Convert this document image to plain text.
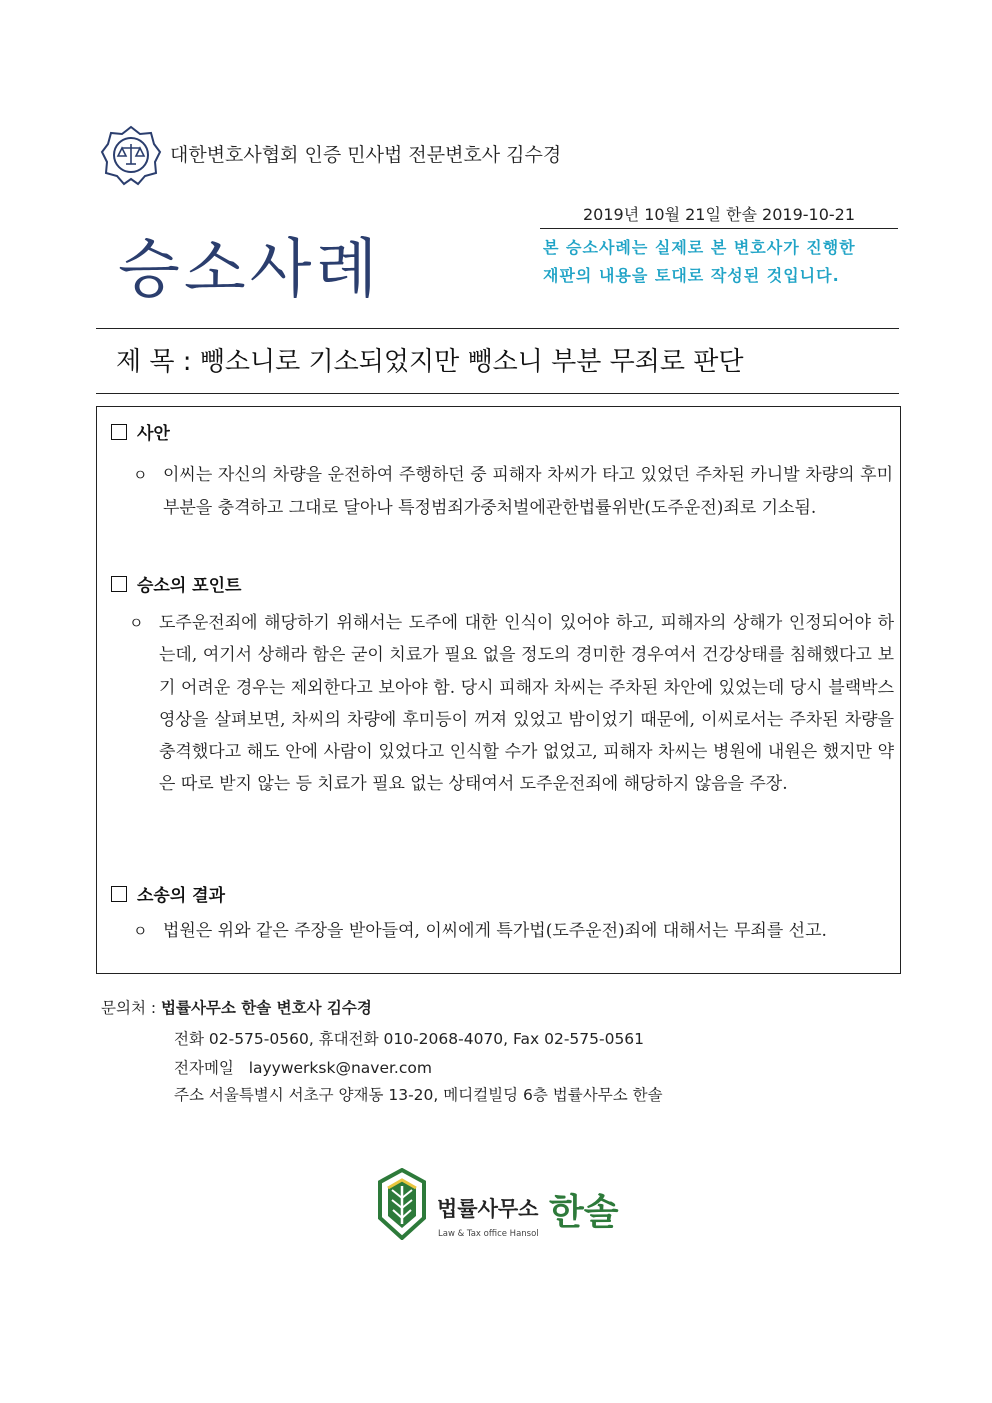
대한변호사협회 인증 민사법 전문변호사 김수경
2019년 10월 21일 한솔 2019-10-21
승소사례	본 승소사례는 실제로 본 변호사가 진행한 재판의 내용을 토대로 작성된 것입니다.
제 목 : 뺑소니로 기소되었지만 뺑소니 부분 무죄로 판단
사안
ㅇ 이씨는 자신의 차량을 운전하여 주행하던 중 피해자 차씨가 타고 있었던 주차된 카니발 차량의 후미 부분을 충격하고 그대로 달아나 특정범죄가중처벌에관한법률위반(도주운전)죄로 기소됨.

승소의 포인트
ㅇ 도주운전죄에 해당하기 위해서는 도주에 대한 인식이 있어야 하고, 피해자의 상해가 인정되어야 하는데, 여기서 상해라 함은 굳이 치료가 필요 없을 정도의 경미한 경우여서 건강상태를 침해했다고 보기 어려운 경우는 제외한다고 보아야 함. 당시 피해자 차씨는 주차된 차안에 있었는데 당시 블랙박스 영상을 살펴보면, 차씨의 차량에 후미등이 꺼져 있었고 밤이었기 때문에, 이씨로서는 주차된 차량을 충격했다고 해도 안에 사람이 있었다고 인식할 수가 없었고, 피해자 차씨는 병원에 내원은 했지만 약은 따로 받지 않는 등 치료가 필요 없는 상태여서 도주운전죄에 해당하지 않음을 주장.

소송의 결과
ㅇ 법원은 위와 같은 주장을 받아들여, 이씨에게 특가법(도주운전)죄에 대해서는 무죄를 선고.

문의처 : 법률사무소 한솔 변호사 김수경
전화 02-575-0560, 휴대전화 010-2068-4070, Fax 02-575-0561
전자메일 layywerksk@naver.com
주소 서울특별시 서초구 양재동 13-20, 메디컬빌딩 6층 법률사무소 한솔
법률사무소 한솔
Law & Tax office Hansol
